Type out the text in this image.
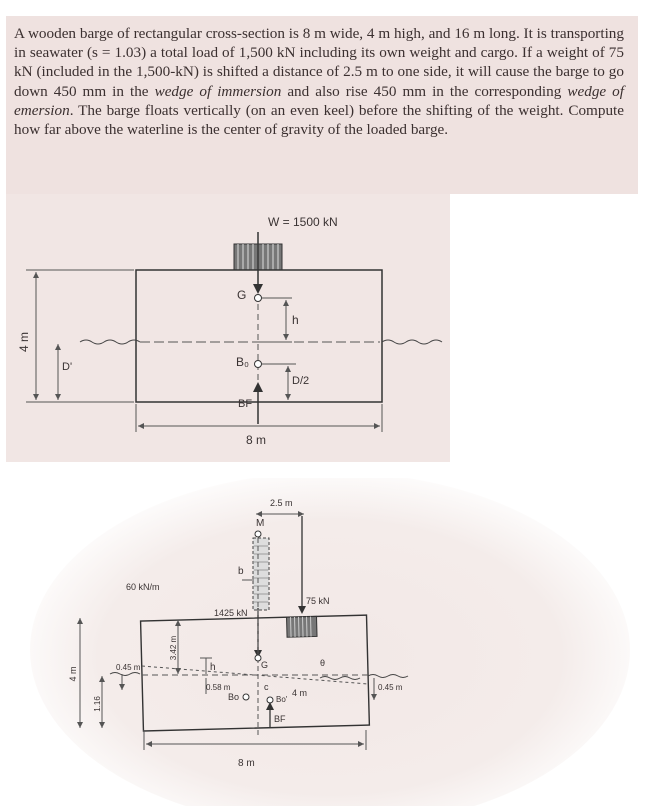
A wooden barge of rectangular cross-section is 8 m wide, 4 m high, and 16 m long. It is transporting in seawater (s = 1.03) a total load of 1,500 kN including its own weight and cargo. If a weight of 75 kN (included in the 1,500-kN) is shifted a distance of 2.5 m to one side, it will cause the barge to go down 450 mm in the wedge of immersion and also rise 450 mm in the corresponding wedge of emersion. The barge floats vertically (on an even keel) before the shifting of the weight. Compute how far above the waterline is the center of gravity of the loaded barge.

W = 1500 kN
G
h
B₀
D/2
BF
8 m
4 m
D'
2.5 m
M
75 kN
60 kN/m
b
1425 kN
G
h
3.42 m
0.58 m
Bo
c
Bo'
BF
θ
4 m
0.45 m
0.45 m
1.16
4 m
8 m
